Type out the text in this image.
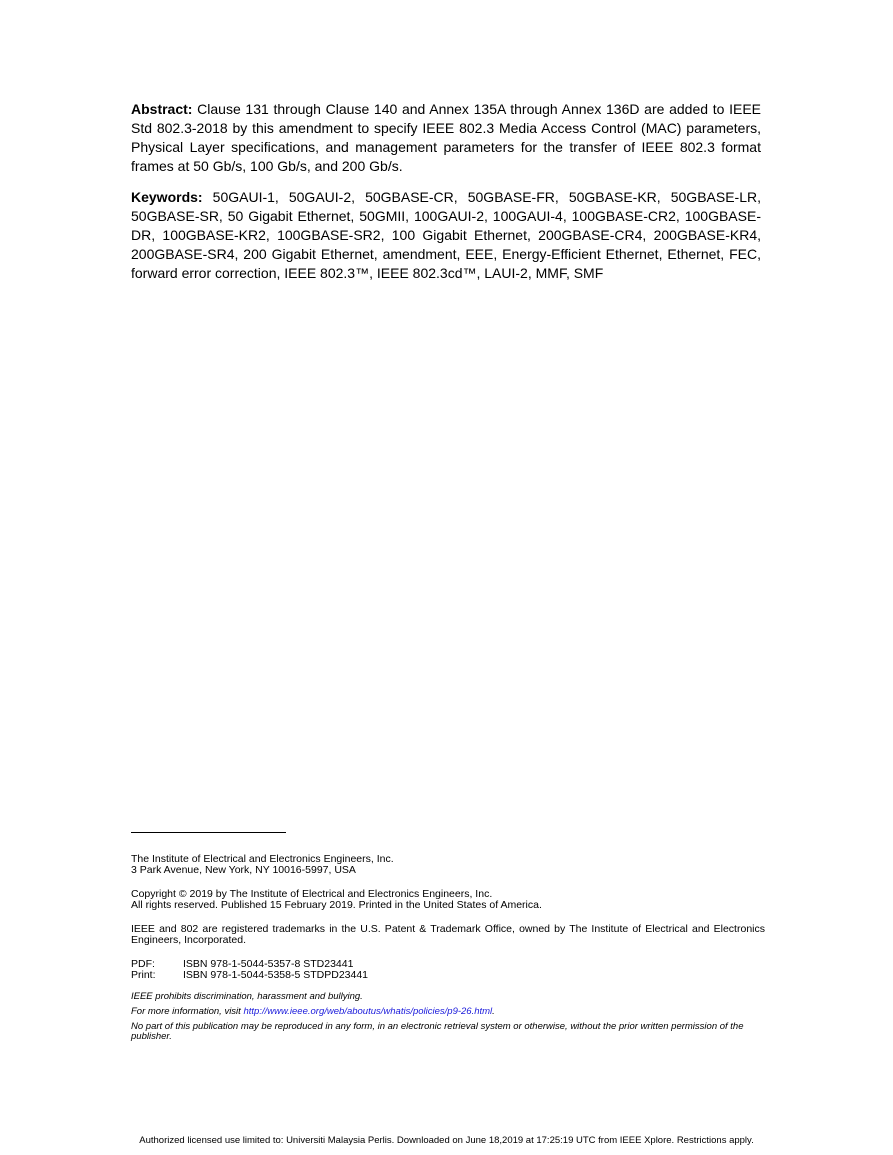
Abstract: Clause 131 through Clause 140 and Annex 135A through Annex 136D are added to IEEE Std 802.3-2018 by this amendment to specify IEEE 802.3 Media Access Control (MAC) parameters, Physical Layer specifications, and management parameters for the transfer of IEEE 802.3 format frames at 50 Gb/s, 100 Gb/s, and 200 Gb/s.

Keywords: 50GAUI-1, 50GAUI-2, 50GBASE-CR, 50GBASE-FR, 50GBASE-KR, 50GBASE-LR, 50GBASE-SR, 50 Gigabit Ethernet, 50GMII, 100GAUI-2, 100GAUI-4, 100GBASE-CR2, 100GBASE-DR, 100GBASE-KR2, 100GBASE-SR2, 100 Gigabit Ethernet, 200GBASE-CR4, 200GBASE-KR4, 200GBASE-SR4, 200 Gigabit Ethernet, amendment, EEE, Energy-Efficient Ethernet, Ethernet, FEC, forward error correction, IEEE 802.3™, IEEE 802.3cd™, LAUI-2, MMF, SMF

The Institute of Electrical and Electronics Engineers, Inc.
3 Park Avenue, New York, NY 10016-5997, USA
Copyright © 2019 by The Institute of Electrical and Electronics Engineers, Inc.
All rights reserved. Published 15 February 2019. Printed in the United States of America.
IEEE and 802 are registered trademarks in the U.S. Patent & Trademark Office, owned by The Institute of Electrical and Electronics Engineers, Incorporated.
PDF:	ISBN 978-1-5044-5357-8 STD23441
Print:	ISBN 978-1-5044-5358-5 STDPD23441
IEEE prohibits discrimination, harassment and bullying.
For more information, visit http://www.ieee.org/web/aboutus/whatis/policies/p9-26.html.
No part of this publication may be reproduced in any form, in an electronic retrieval system or otherwise, without the prior written permission of the publisher.
Authorized licensed use limited to: Universiti Malaysia Perlis. Downloaded on June 18,2019 at 17:25:19 UTC from IEEE Xplore. Restrictions apply.
